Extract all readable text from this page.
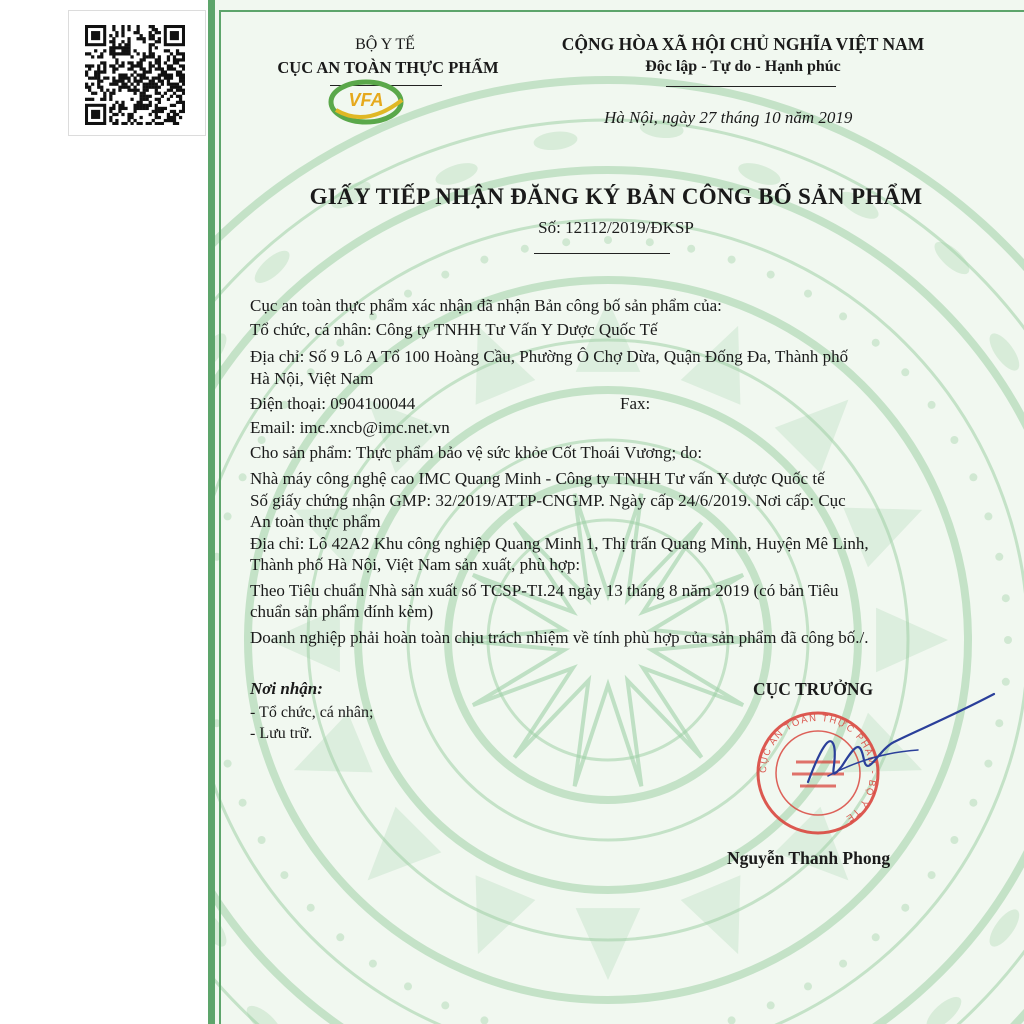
BỘ Y TẾ
CỤC AN TOÀN THỰC PHẨM
VFA
CỘNG HÒA XÃ HỘI CHỦ NGHĨA VIỆT NAM
Độc lập - Tự do - Hạnh phúc
Hà Nội, ngày 27 tháng 10 năm 2019
GIẤY TIẾP NHẬN ĐĂNG KÝ BẢN CÔNG BỐ SẢN PHẨM
Số: 12112/2019/ĐKSP
Cục an toàn thực phẩm xác nhận đã nhận Bản công bố sản phẩm của:
Tổ chức, cá nhân: Công ty TNHH Tư Vấn Y Dược Quốc Tế
Địa chỉ: Số 9 Lô A Tổ 100 Hoàng Cầu, Phường Ô Chợ Dừa, Quận Đống Đa, Thành phố
Hà Nội, Việt Nam
Điện thoại: 0904100044	Fax:
Email: imc.xncb@imc.net.vn
Cho sản phẩm: Thực phẩm bảo vệ sức khỏe Cốt Thoái Vương; do:
Nhà máy công nghệ cao IMC Quang Minh - Công ty TNHH Tư vấn Y dược Quốc tế
Số giấy chứng nhận GMP: 32/2019/ATTP-CNGMP. Ngày cấp 24/6/2019. Nơi cấp: Cục
An toàn thực phẩm
Địa chỉ: Lô 42A2 Khu công nghiệp Quang Minh 1, Thị trấn Quang Minh, Huyện Mê Linh,
Thành phố Hà Nội, Việt Nam sản xuất, phù hợp:
Theo Tiêu chuẩn Nhà sản xuất số TCSP-TI.24 ngày 13 tháng 8 năm 2019 (có bản Tiêu
chuẩn sản phẩm đính kèm)
Doanh nghiệp phải hoàn toàn chịu trách nhiệm về tính phù hợp của sản phẩm đã công bố./.
Nơi nhận:
- Tổ chức, cá nhân;
- Lưu trữ.
CỤC TRƯỞNG
CỤC AN TOÀN THỰC PHẨM - BỘ Y TẾ
Nguyễn Thanh Phong
